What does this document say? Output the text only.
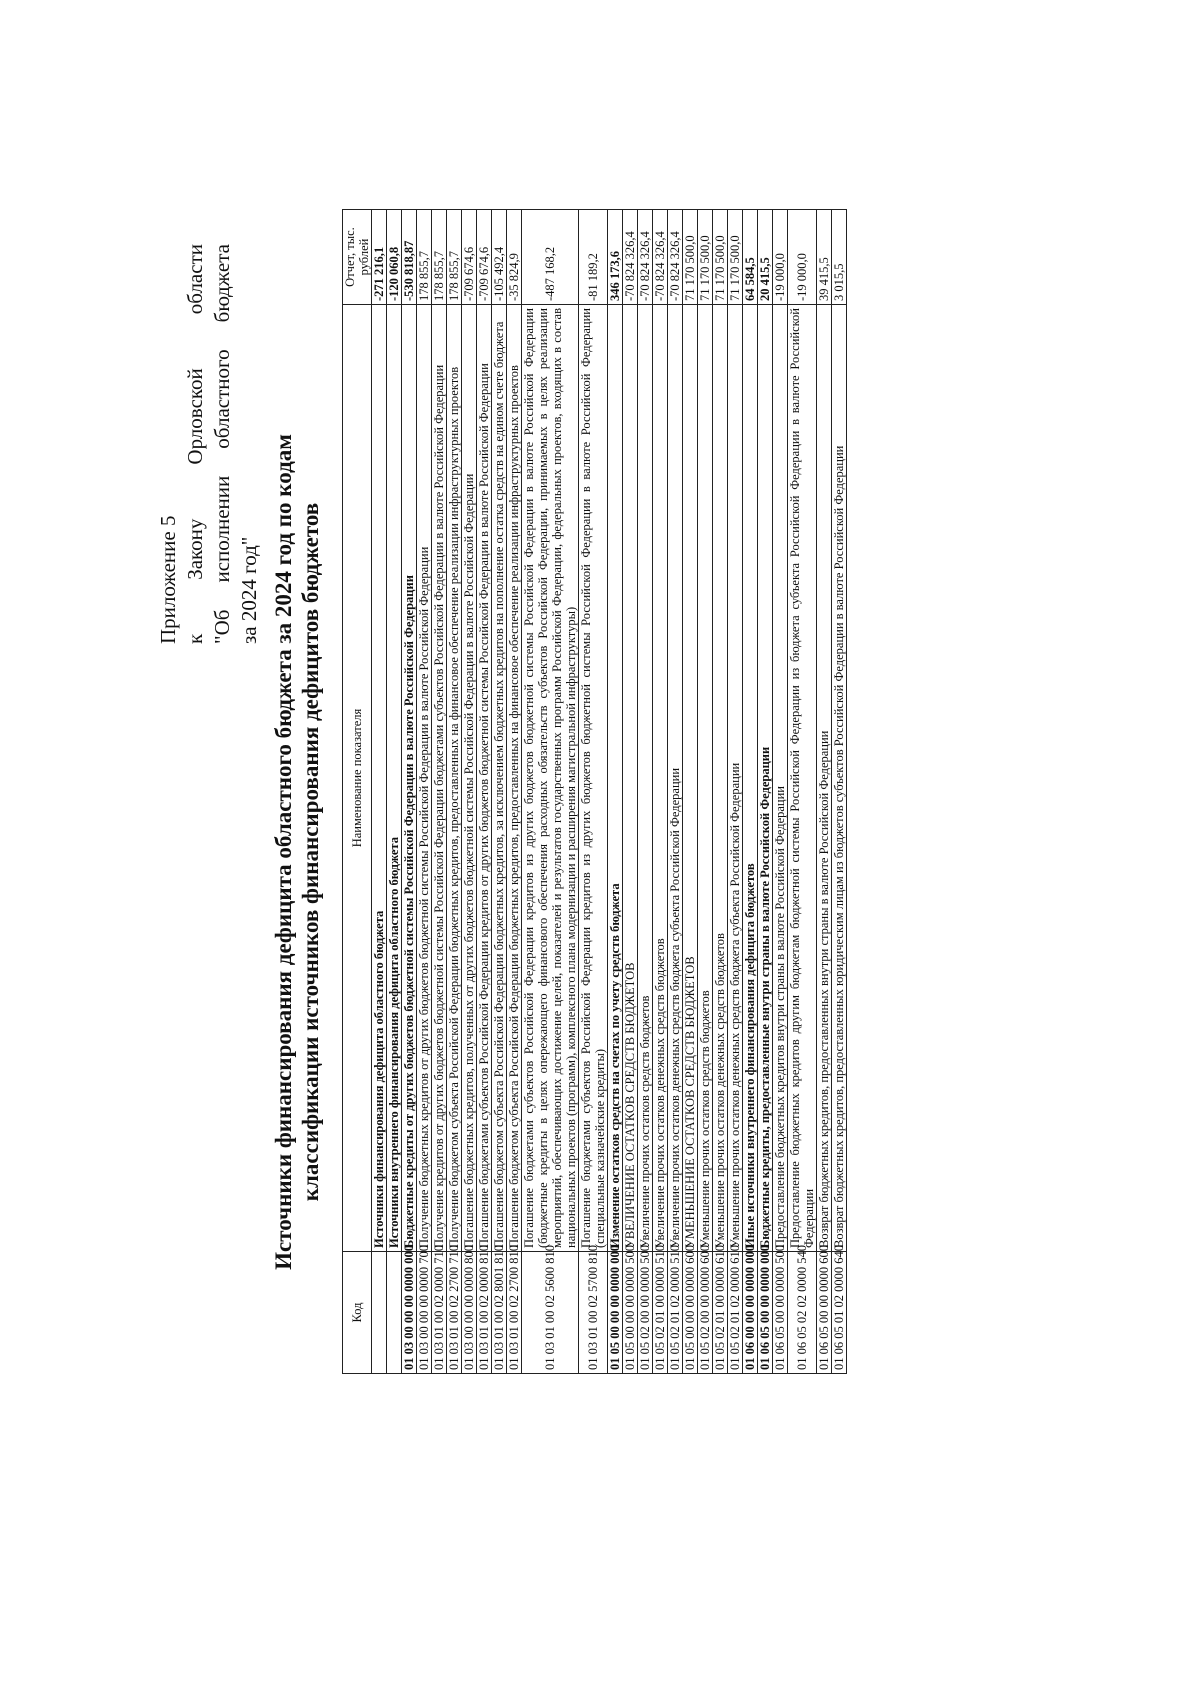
Приложение 5 к
Закону
Орловской
области
"Об
исполнении
областного
бюджета
за 2024 год" Источники финансирования дефицита областного бюджета за 2024 год по кодам классификации источников финансирования дефицитов бюджетов
Код	Наименование показателя	Отчет, тыс. рублей
	Источники финансирования дефицита областного бюджета	-271 216,1
	Источники внутреннего финансирования дефицита областного бюджета	-120 060,8
01 03 00 00 00 0000 000	Бюджетные кредиты от других бюджетов бюджетной системы Российской Федерации в валюте Российской Федерации	-530 818,87
01 03 00 00 00 0000 700	Получение бюджетных кредитов от других бюджетов бюджетной системы Российской Федерации в валюте Российской Федерации	178 855,7
01 03 01 00 02 0000 710	Получение кредитов от других бюджетов бюджетной системы Российской Федерации бюджетами субъектов Российской Федерации в валюте Российской Федерации	178 855,7
01 03 01 00 02 2700 710	Получение бюджетом субъекта Российской Федерации бюджетных кредитов, предоставленных на финансовое обеспечение реализации инфраструктурных проектов	178 855,7
01 03 00 00 00 0000 800	Погашение бюджетных кредитов, полученных от других бюджетов бюджетной системы Российской Федерации в валюте Российской Федерации	-709 674,6
01 03 01 00 02 0000 810	Погашение бюджетами субъектов Российской Федерации кредитов от других бюджетов бюджетной системы Российской Федерации в валюте Российской Федерации	-709 674,6
01 03 01 00 02 8001 810	Погашение бюджетом субъекта Российской Федерации бюджетных кредитов, за исключением бюджетных кредитов на пополнение остатка средств на едином счете бюджета	-105 492,4
01 03 01 00 02 2700 810	Погашение бюджетом субъекта Российской Федерации бюджетных кредитов, предоставленных на финансовое обеспечение реализации инфраструктурных проектов	-35 824,9
01 03 01 00 02 5600 810	Погашение бюджетами субъектов Российской Федерации кредитов из других бюджетов бюджетной системы Российской Федерации в валюте Российской Федерации (бюджетные кредиты в целях опережающего финансового обеспечения расходных обязательств субъектов Российской Федерации, принимаемых в целях реализации мероприятий, обеспечивающих достижение целей, показателей и результатов государственных программ Российской Федерации, федеральных проектов, входящих в состав национальных проектов (программ), комплексного плана модернизации и расширения магистральной инфраструктуры)	-487 168,2
01 03 01 00 02 5700 810	Погашение бюджетами субъектов Российской Федерации кредитов из других бюджетов бюджетной системы Российской Федерации в валюте Российской Федерации (специальные казначейские кредиты)	-81 189,2
01 05 00 00 00 0000 000	Изменение остатков средств на счетах по учету средств бюджета	346 173,6
01 05 00 00 00 0000 500	УВЕЛИЧЕНИЕ ОСТАТКОВ СРЕДСТВ БЮДЖЕТОВ	-70 824 326,4
01 05 02 00 00 0000 500	Увеличение прочих остатков средств бюджетов	-70 824 326,4
01 05 02 01 00 0000 510	Увеличение прочих остатков денежных средств бюджетов	-70 824 326,4
01 05 02 01 02 0000 510	Увеличение прочих остатков денежных средств бюджета субъекта Российской Федерации	-70 824 326,4
01 05 00 00 00 0000 600	УМЕНЬШЕНИЕ ОСТАТКОВ СРЕДСТВ БЮДЖЕТОВ	71 170 500,0
01 05 02 00 00 0000 600	Уменьшение прочих остатков средств бюджетов	71 170 500,0
01 05 02 01 00 0000 610	Уменьшение прочих остатков денежных средств бюджетов	71 170 500,0
01 05 02 01 02 0000 610	Уменьшение прочих остатков денежных средств бюджета субъекта Российской Федерации	71 170 500,0
01 06 00 00 00 0000 000	Иные источники внутреннего финансирования дефицита бюджетов	64 584,5
01 06 05 00 00 0000 000	Бюджетные кредиты, предоставленные внутри страны в валюте Российской Федерации	20 415,5
01 06 05 00 00 0000 500	Предоставление бюджетных кредитов внутри страны в валюте Российской Федерации	-19 000,0
01 06 05 02 02 0000 540	Предоставление бюджетных кредитов другим бюджетам бюджетной системы Российской Федерации из бюджета субъекта Российской Федерации в валюте Российской Федерации	-19 000,0
01 06 05 00 00 0000 600	Возврат бюджетных кредитов, предоставленных внутри страны в валюте Российской Федерации	39 415,5
01 06 05 01 02 0000 640	Возврат бюджетных кредитов, предоставленных юридическим лицам из бюджетов субъектов Российской Федерации в валюте Российской Федерации	3 015,5
